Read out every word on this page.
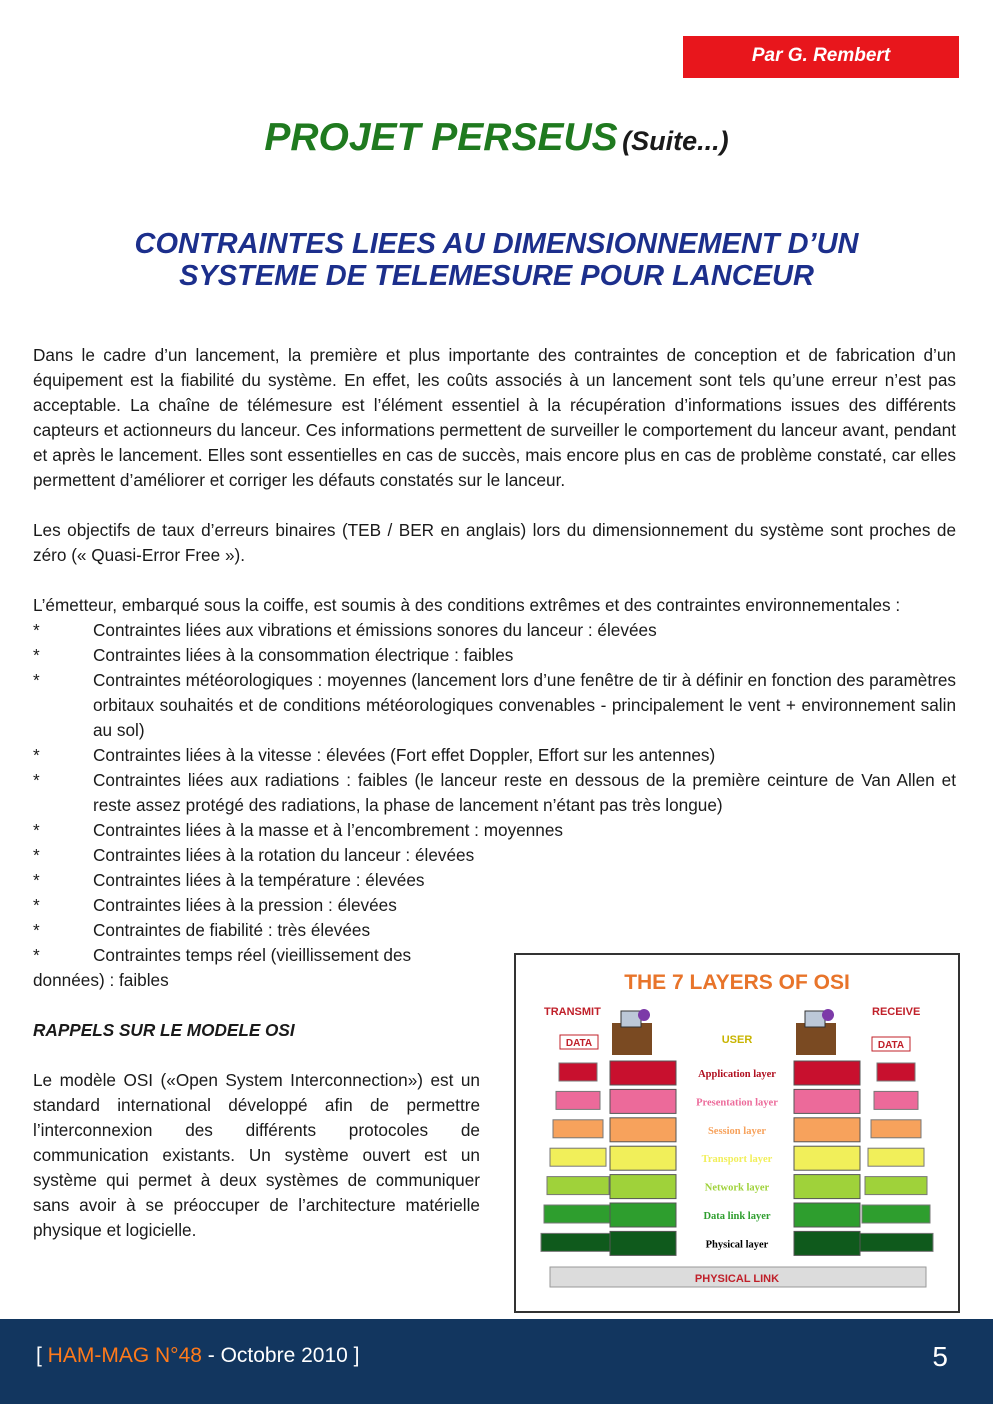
Par G. Rembert
PROJET PERSEUS (Suite...)
CONTRAINTES LIEES AU DIMENSIONNEMENT D’UN
SYSTEME DE TELEMESURE POUR LANCEUR

Dans le cadre d’un lancement, la première et plus importante des contraintes de conception et de fabrication d’un équipement est la fiabilité du système. En effet, les coûts associés à un lancement sont tels qu’une erreur n’est pas acceptable. La chaîne de télémesure est l’élément essentiel à la récupération d’informations issues des différents capteurs et actionneurs du lanceur. Ces informations permettent de surveiller le comportement du lanceur avant, pendant et après le lancement. Elles sont essentielles en cas de succès, mais encore plus en cas de problème constaté, car elles permettent d’améliorer et corriger les défauts constatés sur le lanceur.

Les objectifs de taux d’erreurs binaires (TEB / BER en anglais) lors du dimensionnement du système sont proches de zéro (« Quasi-Error Free »).

L’émetteur, embarqué sous la coiffe, est soumis à des conditions extrêmes et des contraintes environnementales :

*	Contraintes liées aux vibrations et émissions sonores du lanceur : élevées
*	Contraintes liées à la consommation électrique : faibles
*	Contraintes météorologiques : moyennes (lancement lors d’une fenêtre de tir à définir en fonction des paramètres orbitaux souhaités et de conditions météorologiques convenables - principalement le vent + environnement salin au sol)
*	Contraintes liées à la vitesse : élevées (Fort effet Doppler, Effort sur les antennes)
*	Contraintes liées aux radiations : faibles (le lanceur reste en dessous de la première ceinture de Van Allen et reste assez protégé des radiations, la phase de lancement n’étant pas très longue)
*	Contraintes liées à la masse et à l’encombrement : moyennes
*	Contraintes liées à la rotation du lanceur : élevées
*	Contraintes liées à la température : élevées
*	Contraintes liées à la pression : élevées
*	Contraintes de fiabilité : très élevées
*	Contraintes temps réel (vieillissement des
données) : faibles
RAPPELS SUR LE MODELE OSI

Le modèle OSI («Open System Interconnection») est un standard international développé afin de permettre l’interconnexion des différents protocoles de communication existants. Un système ouvert est un système qui permet à deux systèmes de communiquer sans avoir à se préoccuper de l’architecture matérielle physique et logicielle.

THE 7 LAYERS OF OSI
TRANSMIT	RECEIVE
DATA	DATA
USER
Application layer
Presentation layer
Session layer
Transport layer
Network layer
Data link layer
Physical layer
PHYSICAL LINK
[ HAM-MAG N°48 - Octobre 2010 ]	5
